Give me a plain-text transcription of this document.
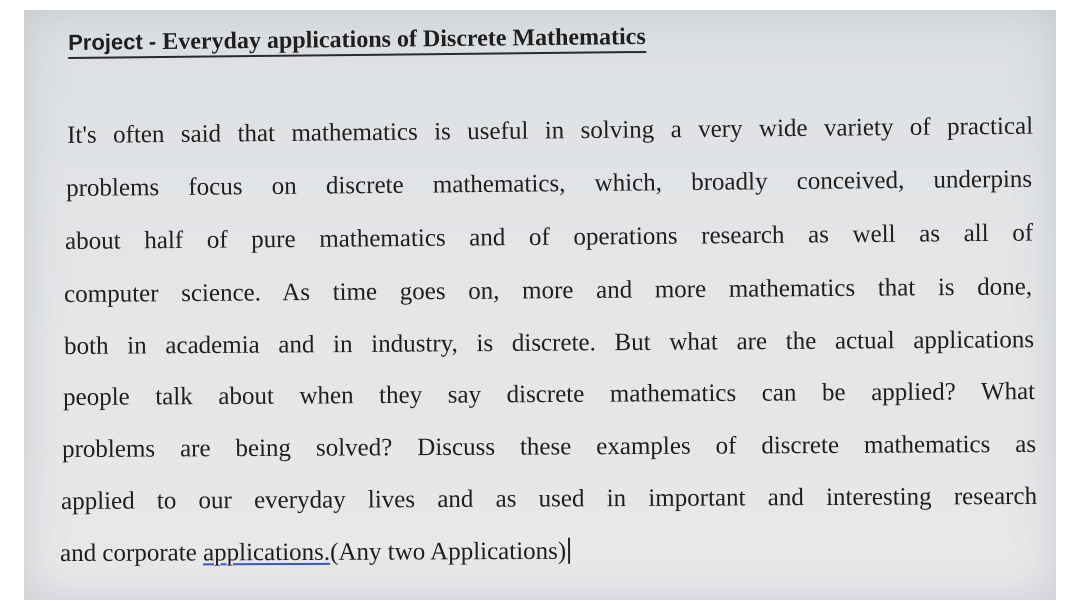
Project - Everyday applications of Discrete Mathematics
It's often said that mathematics is useful in solving a very wide variety of practical
problems focus on discrete mathematics, which, broadly conceived, underpins
about half of pure mathematics and of operations research as well as all of
computer science. As time goes on, more and more mathematics that is done,
both in academia and in industry, is discrete. But what are the actual applications
people talk about when they say discrete mathematics can be applied? What
problems are being solved? Discuss these examples of discrete mathematics as
applied to our everyday lives and as used in important and interesting research
and corporate applications.(Any two Applications)
